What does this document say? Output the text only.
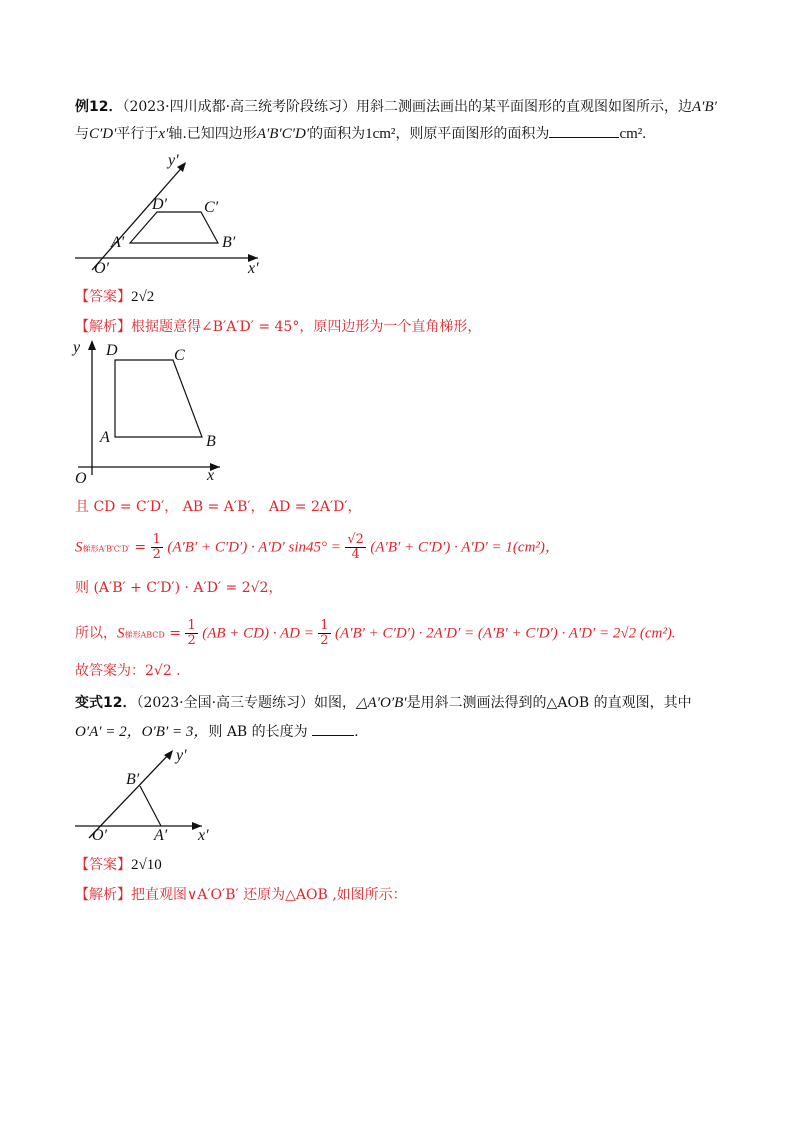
例12．（2023·四川成都·高三统考阶段练习）用斜二测画法画出的某平面图形的直观图如图所示，边A′B′
与C′D′平行于x′轴.已知四边形A′B′C′D′的面积为1cm²，则原平面图形的面积为	cm².
y′
x′
O′
A′	B′
C′
D′
【答案】2√2
【解析】根据题意得∠B′A′D′ = 45°，原四边形为一个直角梯形，
y
x
O
A	B
C
D
且 CD = C′D′， AB = A′B′， AD = 2A′D′，
S梯形$A'B'C'D' = \frac{1}{2} (A'B' + C'D') \cdot A'D'$ $\sin 45^\circ = \frac{√2}{4} (A'B' + C'D') \cdot A'D' = 1(cm^2)$，
则 (A′B′ + C′D′) · A′D′ = 2√2，
所以，S梯形ABCD = $\frac{1}{2} (AB + CD)$ · AD = $\frac{1}{2} (A'B' + C'D') \cdot 2A'D' = (A'B' + C'D') \cdot A'D' = 2√2$ (cm²).
故答案为：2√2 .
变式12．（2023·全国·高三专题练习）如图，△A′O′B′是用斜二测画法得到的△AOB 的直观图，其中
O′A′ = 2，O′B′ = 3，则 AB 的长度为	.
y′
x′
O′	A′
B′
【答案】2√10
【解析】把直观图∨A′O′B′ 还原为△AOB ,如图所示：
